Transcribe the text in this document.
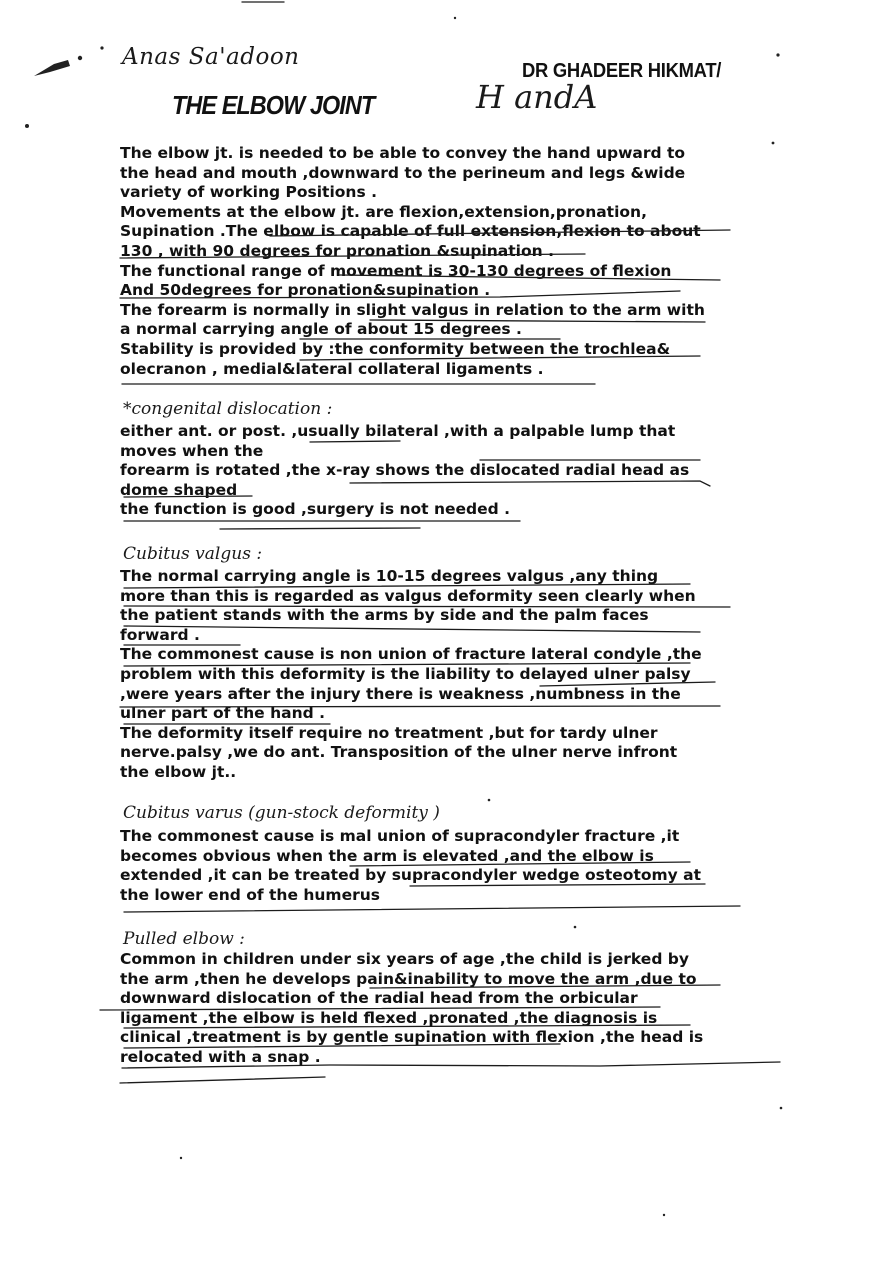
Anas Sa'adoon
DR GHADEER HIKMAT/
H andA
THE ELBOW JOINT
The elbow jt. is needed to be able to convey the hand upward to
the head and mouth ,downward to the perineum and legs &wide
variety of working Positions .
Movements at the elbow jt. are flexion,extension,pronation,
Supination .The elbow is capable of full extension,flexion to about
130 , with 90 degrees for pronation &supination .
The functional range of movement is 30-130 degrees of flexion
And 50degrees for pronation&supination .
The forearm is normally in slight valgus in relation to the arm with
a normal carrying angle of about 15 degrees .
Stability is provided by :the conformity between the trochlea&
olecranon , medial&lateral collateral ligaments .
*congenital dislocation :
either ant. or post. ,usually bilateral ,with a palpable lump that
moves when the
forearm is rotated ,the x-ray shows the dislocated radial head as
dome shaped
the function is good ,surgery is not needed .
Cubitus valgus :
The normal carrying angle is 10-15 degrees valgus ,any thing
more than this is regarded as valgus deformity seen clearly when
the patient stands with the arms by side and the palm faces
forward .
The commonest cause is non union of fracture lateral condyle ,the
problem with this deformity is the liability to delayed ulner palsy
,were years after the injury there is weakness ,numbness in the
ulner part of the hand .
The deformity itself require no treatment ,but for tardy ulner
nerve.palsy ,we do ant. Transposition of the ulner nerve infront
the elbow jt..
Cubitus varus (gun-stock deformity )
The commonest cause is mal union of supracondyler fracture ,it
becomes obvious when the arm is elevated ,and the elbow is
extended ,it can be treated by supracondyler wedge osteotomy at
the lower end of the humerus
Pulled elbow :
Common in children under six years of age ,the child is jerked by
the arm ,then he develops pain&inability to move the arm ,due to
downward dislocation of the radial head from the orbicular
ligament ,the elbow is held flexed ,pronated ,the diagnosis is
clinical ,treatment is by gentle supination with flexion ,the head is
relocated with a snap .
